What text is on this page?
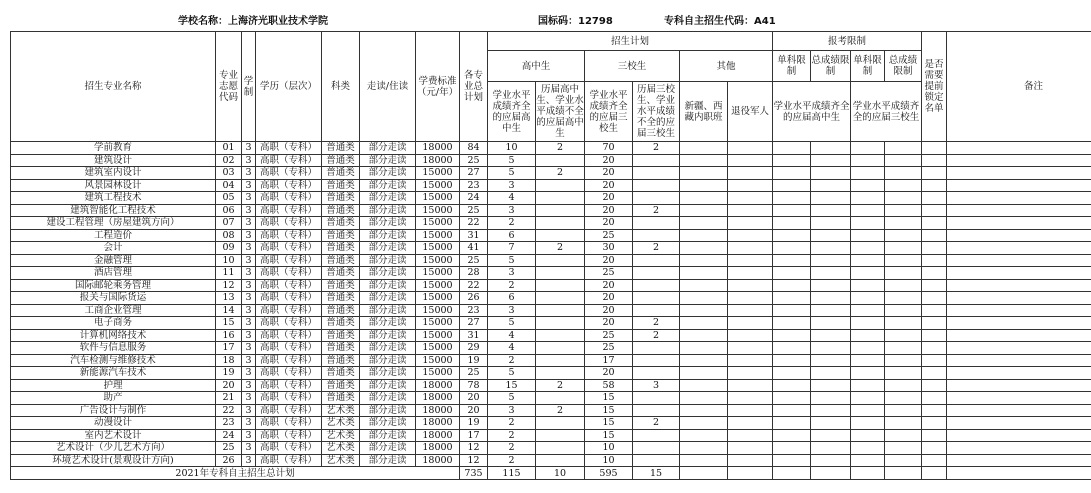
学校名称：上海济光职业技术学院	国标码：12798	专科自主招生代码：A41
招生专业名称	专业志愿代码	学制	学历（层次）	科类	走读/住读	学费标准（元/年）	各专业总计划	招生计划						报考限制				是否需要提前锁定名单	备注
								高中生		三校生		其他		单科限制	总成绩限制	单科限制	总成绩限制		
								学业水平成绩齐全的应届高中生	历届高中生、学业水平成绩不全的应届高中生	学业水平成绩齐全的应届三校生	历届三校生、学业水平成绩不全的应届三校生	新疆、西藏内职班	退役军人	学业水平成绩齐全的应届高中生		学业水平成绩齐全的应届三校生			

学前教育	01	3	高职（专科）	普通类	部分走读	18000	84	10	2	70	2								
建筑设计	02	3	高职（专科）	普通类	部分走读	18000	25	5		20									
建筑室内设计	03	3	高职（专科）	普通类	部分走读	15000	27	5	2	20									
风景园林设计	04	3	高职（专科）	普通类	部分走读	15000	23	3		20									
建筑工程技术	05	3	高职（专科）	普通类	部分走读	15000	24	4		20									
建筑智能化工程技术	06	3	高职（专科）	普通类	部分走读	15000	25	3		20	2								
建设工程管理（房屋建筑方向）	07	3	高职（专科）	普通类	部分走读	15000	22	2		20									
工程造价	08	3	高职（专科）	普通类	部分走读	15000	31	6		25									
会计	09	3	高职（专科）	普通类	部分走读	15000	41	7	2	30	2								
金融管理	10	3	高职（专科）	普通类	部分走读	15000	25	5		20									
酒店管理	11	3	高职（专科）	普通类	部分走读	15000	28	3		25									
国际邮轮乘务管理	12	3	高职（专科）	普通类	部分走读	15000	22	2		20									
报关与国际货运	13	3	高职（专科）	普通类	部分走读	15000	26	6		20									
工商企业管理	14	3	高职（专科）	普通类	部分走读	15000	23	3		20									
电子商务	15	3	高职（专科）	普通类	部分走读	15000	27	5		20	2								
计算机网络技术	16	3	高职（专科）	普通类	部分走读	15000	31	4		25	2								
软件与信息服务	17	3	高职（专科）	普通类	部分走读	15000	29	4		25									
汽车检测与维修技术	18	3	高职（专科）	普通类	部分走读	15000	19	2		17									
新能源汽车技术	19	3	高职（专科）	普通类	部分走读	15000	25	5		20									
护理	20	3	高职（专科）	普通类	部分走读	18000	78	15	2	58	3								
助产	21	3	高职（专科）	普通类	部分走读	18000	20	5		15									
广告设计与制作	22	3	高职（专科）	艺术类	部分走读	18000	20	3	2	15									
动漫设计	23	3	高职（专科）	艺术类	部分走读	18000	19	2		15	2								
室内艺术设计	24	3	高职（专科）	艺术类	部分走读	18000	17	2		15									
艺术设计（少儿艺术方向）	25	3	高职（专科）	艺术类	部分走读	18000	12	2		10									
环境艺术设计(景观设计方向)	26	3	高职（专科）	艺术类	部分走读	18000	12	2		10									
2021年专科自主招生总计划							735	115	10	595	15								
